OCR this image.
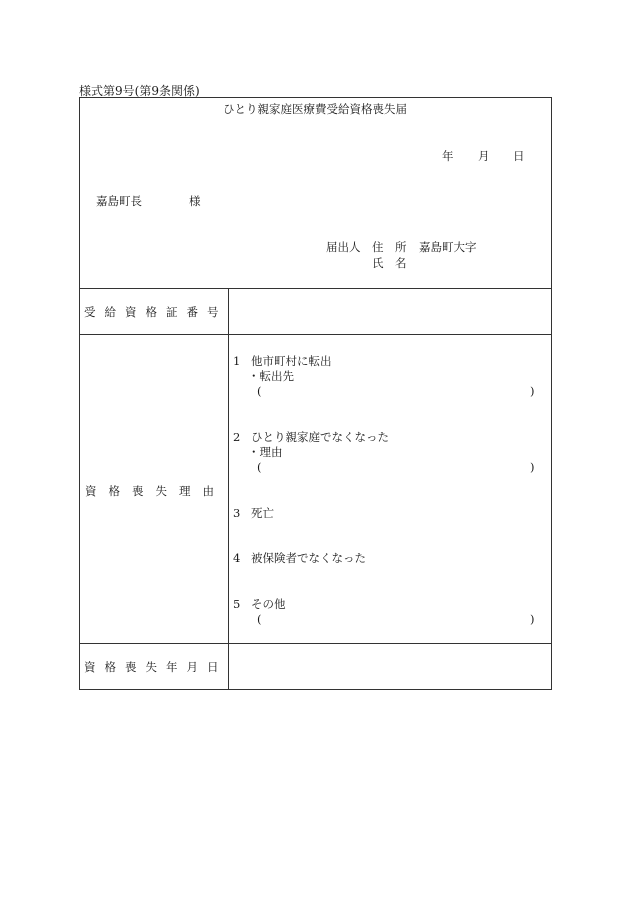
様式第9号(第9条関係)
ひとり親家庭医療費受給資格喪失届
年 月 日
嘉島町長	様
届出人 住　所 嘉島町大字
氏　名
受給資格証番号
資格喪失理由
1 他市町村に転出
・転出先
(	)
2 ひとり親家庭でなくなった
・理由
(	)
3 死亡
4 被保険者でなくなった
5 その他
(	)
資格喪失年月日
